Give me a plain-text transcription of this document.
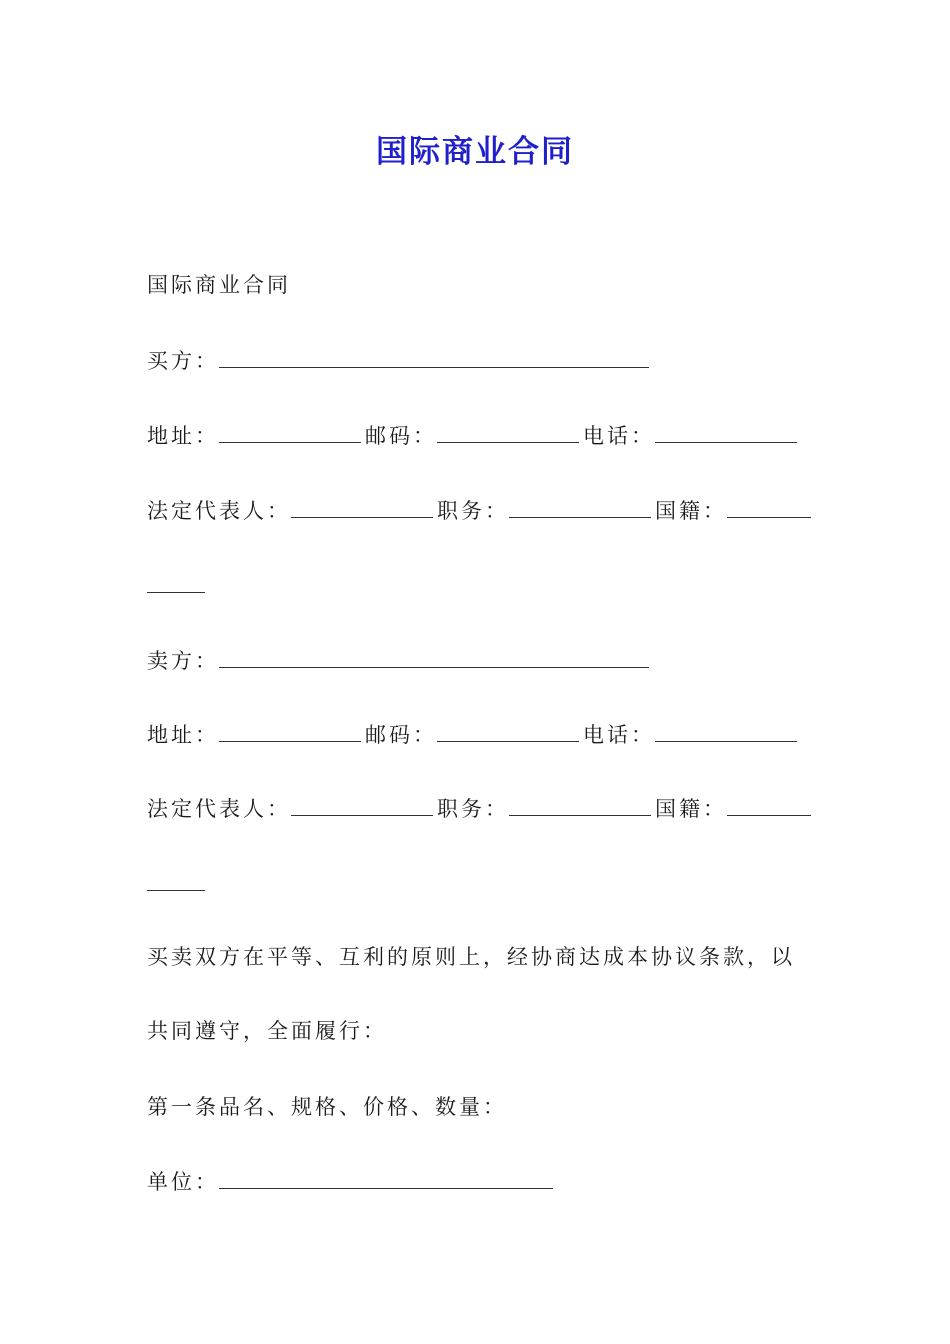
国际商业合同
国际商业合同
买方：
地址：	邮码：	电话：
法定代表人：	职务：	国籍：
卖方：
地址：	邮码：	电话：
法定代表人：	职务：	国籍：
买卖双方在平等、互利的原则上，经协商达成本协议条款，以
共同遵守，全面履行：
第一条品名、规格、价格、数量：
单位：
